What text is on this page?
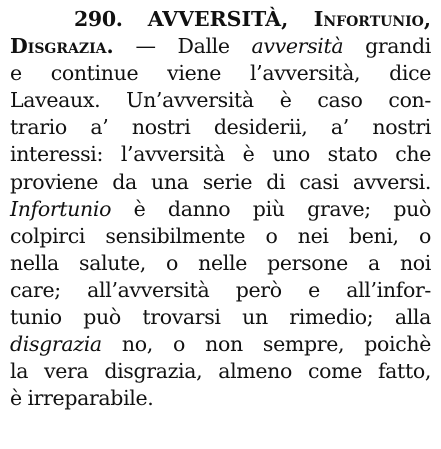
290. AVVERSITÀ, Infortunio,
Disgrazia. — Dalle avversità grandi
e continue viene l’avversità, dice
Laveaux. Un’avversità è caso con-
trario a’ nostri desiderii, a’ nostri
interessi: l’avversità è uno stato che
proviene da una serie di casi avversi.
Infortunio è danno più grave; può
colpirci sensibilmente o nei beni, o
nella salute, o nelle persone a noi
care; all’avversità però e all’infor-
tunio può trovarsi un rimedio; alla
disgrazia no, o non sempre, poichè
la vera disgrazia, almeno come fatto,
è irreparabile.
